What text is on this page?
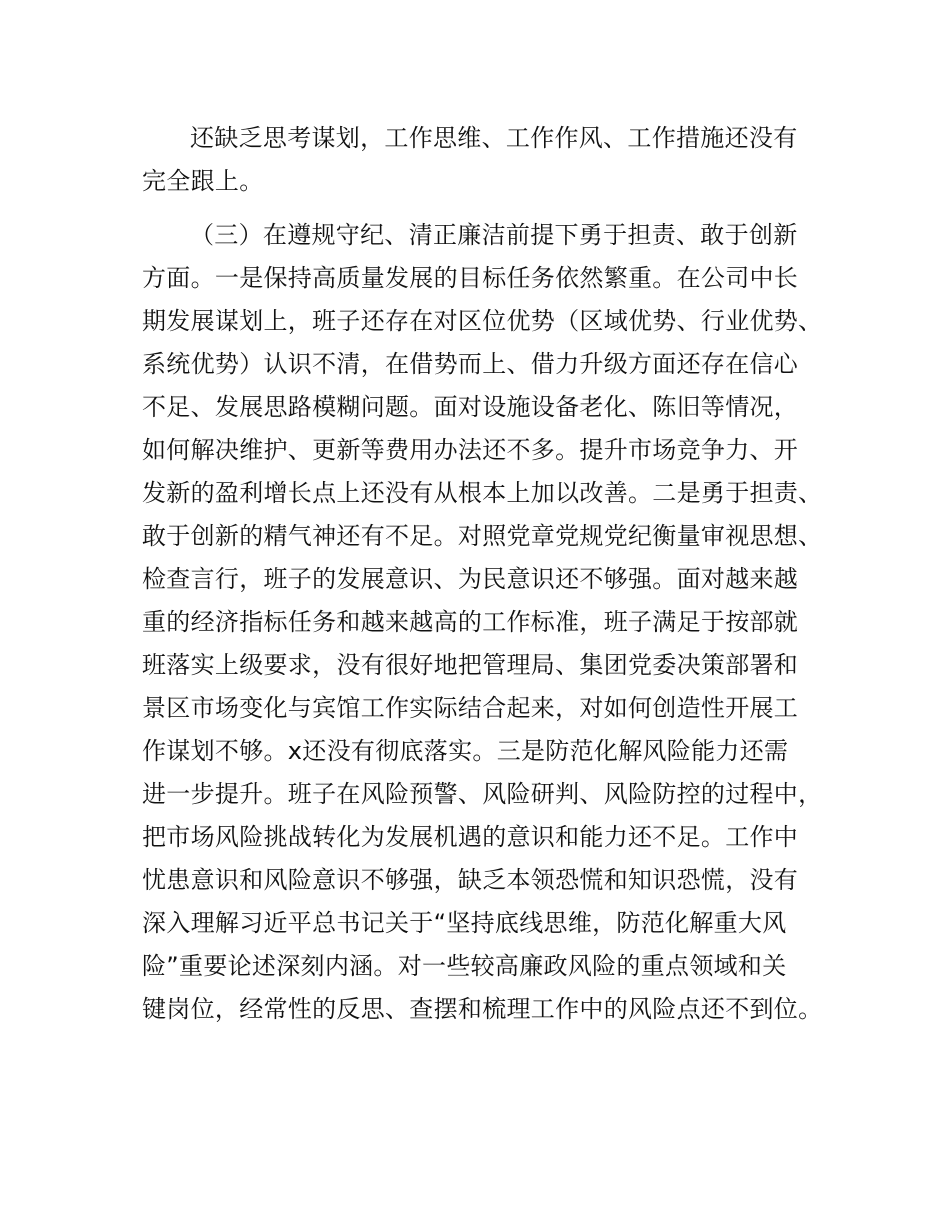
还缺乏思考谋划，工作思维、工作作风、工作措施还没有
完全跟上。
（三）在遵规守纪、清正廉洁前提下勇于担责、敢于创新
方面。一是保持高质量发展的目标任务依然繁重。在公司中长
期发展谋划上，班子还存在对区位优势（区域优势、行业优势、
系统优势）认识不清，在借势而上、借力升级方面还存在信心
不足、发展思路模糊问题。面对设施设备老化、陈旧等情况，
如何解决维护、更新等费用办法还不多。提升市场竞争力、开
发新的盈利增长点上还没有从根本上加以改善。二是勇于担责、
敢于创新的精气神还有不足。对照党章党规党纪衡量审视思想、
检查言行，班子的发展意识、为民意识还不够强。面对越来越
重的经济指标任务和越来越高的工作标准，班子满足于按部就
班落实上级要求，没有很好地把管理局、集团党委决策部署和
景区市场变化与宾馆工作实际结合起来，对如何创造性开展工
作谋划不够。x还没有彻底落实。三是防范化解风险能力还需
进一步提升。班子在风险预警、风险研判、风险防控的过程中，
把市场风险挑战转化为发展机遇的意识和能力还不足。工作中
忧患意识和风险意识不够强，缺乏本领恐慌和知识恐慌，没有
深入理解习近平总书记关于“坚持底线思维，防范化解重大风
险”重要论述深刻内涵。对一些较高廉政风险的重点领域和关
键岗位，经常性的反思、查摆和梳理工作中的风险点还不到位。
